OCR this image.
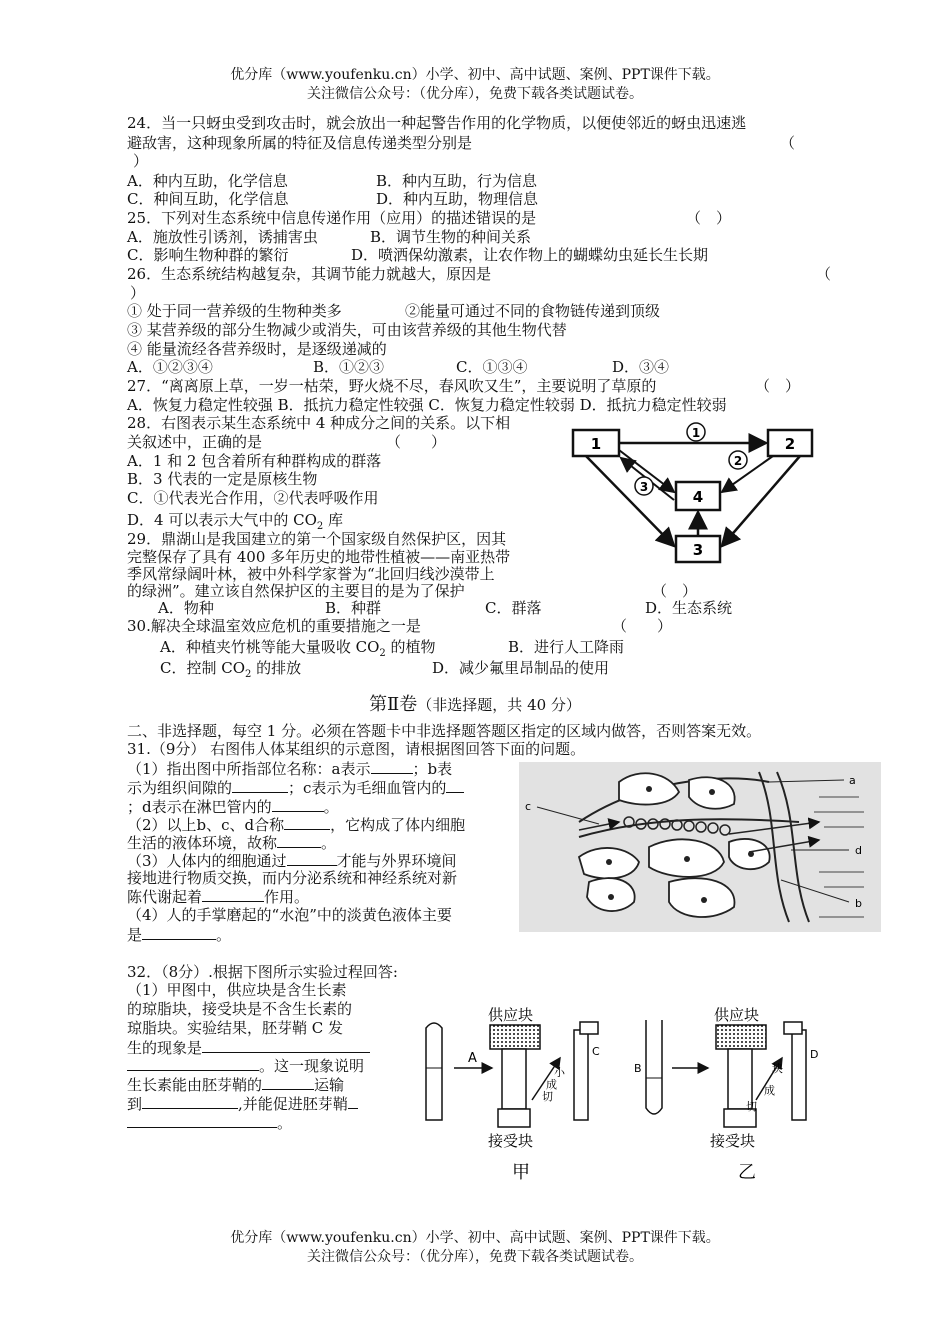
优分库（www.youfenku.cn）小学、初中、高中试题、案例、PPT课件下载。
关注微信公众号：（优分库），免费下载各类试题试卷。
24．当一只蚜虫受到攻击时，就会放出一种起警告作用的化学物质，以便使邻近的蚜虫迅速逃
避敌害，这种现象所属的特征及信息传递类型分别是	（
）
A．种内互助，化学信息	B．种内互助，行为信息
C．种间互助，化学信息	D．种内互助，物理信息
25．下列对生态系统中信息传递作用（应用）的描述错误的是	（　）
A．施放性引诱剂，诱捕害虫	B．调节生物的种间关系
C．影响生物种群的繁衍	D．喷洒保幼激素，让农作物上的蝴蝶幼虫延长生长期
26．生态系统结构越复杂，其调节能力就越大，原因是	（
）
① 处于同一营养级的生物种类多	②能量可通过不同的食物链传递到顶级
③ 某营养级的部分生物减少或消失，可由该营养级的其他生物代替
④ 能量流经各营养级时，是逐级递减的
A．①②③④	B．①②③	C．①③④	D．③④
27．“离离原上草，一岁一枯荣，野火烧不尽，春风吹又生”，主要说明了草原的	（　）
A．恢复力稳定性较强 B．抵抗力稳定性较强 C．恢复力稳定性较弱 D．抵抗力稳定性较弱
28．右图表示某生态系统中 4 种成分之间的关系。以下相
关叙述中，正确的是	（　　）
A．1 和 2 包含着所有种群构成的群落
B．3 代表的一定是原核生物
C．①代表光合作用，②代表呼吸作用
D．4 可以表示大气中的 $CO_2$ 库
1	2
4
3
1
2
3
29．鼎湖山是我国建立的第一个国家级自然保护区，因其
完整保存了具有 400 多年历史的地带性植被——南亚热带
季风常绿阔叶林，被中外科学家誉为“北回归线沙漠带上
的绿洲”。建立该自然保护区的主要目的是为了保护	（　）
A．物种	B．种群	C．群落	D．生态系统
30.解决全球温室效应危机的重要措施之一是	（　　）
A．种植夹竹桃等能大量吸收 $CO_2$ 的植物	B．进行人工降雨
C．控制 $CO_2$ 的排放	D．减少氟里昂制品的使用
第Ⅱ卷（非选择题，共 40 分）
二、非选择题，每空 1 分。必须在答题卡中非选择题答题区指定的区域内做答，否则答案无效。
31.（9分） 右图伟人体某组织的示意图，请根据图回答下面的问题。
（1）指出图中所指部位名称：a表示	；b表
示为组织间隙的	；c表示为毛细血管内的
；d表示在淋巴管内的	。
（2）以上b、c、d合称	，它构成了体内细胞
生活的液体环境，故称	。
（3）人体内的细胞通过	才能与外界环境间
接地进行物质交换，而内分泌系统和神经系统对新
陈代谢起着	作用。
（4）人的手掌磨起的“水泡”中的淡黄色液体主要
是	。
a
c
d
b
32．（8分）.根据下图所示实验过程回答:
（1）甲图中，供应块是含生长素
的琼脂块，接受块是不含生长素的
琼脂块。实验结果，胚芽鞘 C 发
生的现象是
。这一现象说明
生长素能由胚芽鞘的	运输
到	,并能促进胚芽鞘
。
A
供应块
接受块
切
成
小
C
甲
B
供应块
接受块
切
成
块
D
乙
优分库（www.youfenku.cn）小学、初中、高中试题、案例、PPT课件下载。
关注微信公众号：（优分库），免费下载各类试题试卷。
